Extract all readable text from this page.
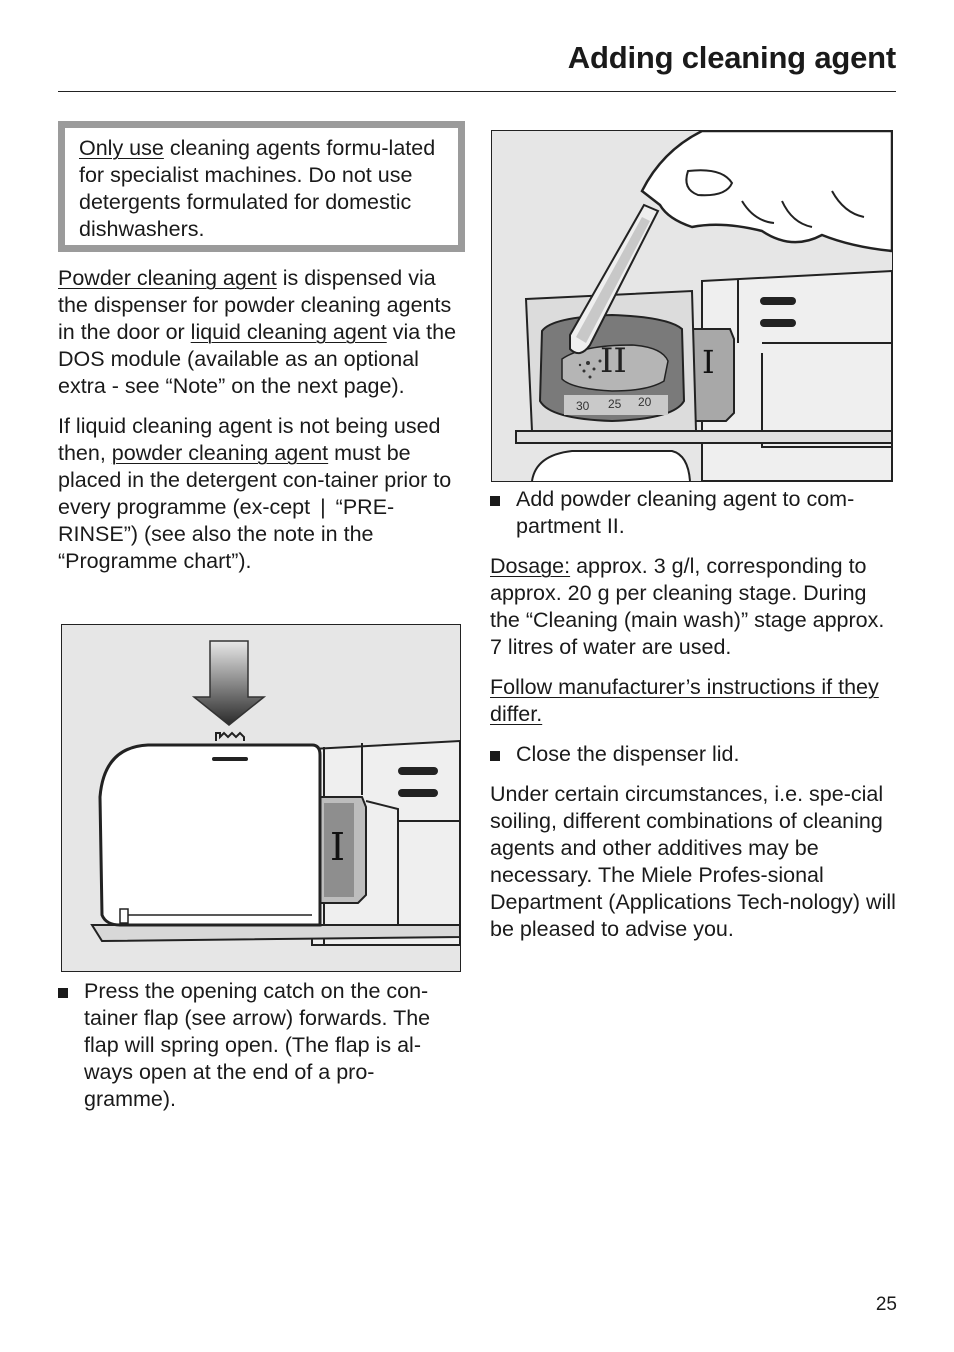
Adding cleaning agent
Only use cleaning agents formu-lated for specialist machines. Do not use detergents formulated for domestic dishwashers.

Powder cleaning agent is dispensed via the dispenser for powder cleaning agents in the door or liquid cleaning agent via the DOS module (available as an optional extra - see “Note” on the next page).

If liquid cleaning agent is not being used then, powder cleaning agent must be placed in the detergent con-tainer prior to every programme (ex-cept | “PRE-RINSE”) (see also the note in the “Programme chart”).

I

Press the opening catch on the con-tainer flap (see arrow) forwards. The flap will spring open. (The flap is al-ways open at the end of a pro-gramme).

II I
30 25 20

Add powder cleaning agent to com-partment II.

Dosage: approx. 3 g/l, corresponding to approx. 20 g per cleaning stage. During the “Cleaning (main wash)” stage approx. 7 litres of water are used.

Follow manufacturer’s instructions if they differ.

Close the dispenser lid.

Under certain circumstances, i.e. spe-cial soiling, different combinations of cleaning agents and other additives may be necessary. The Miele Profes-sional Department (Applications Tech-nology) will be pleased to advise you.

25
